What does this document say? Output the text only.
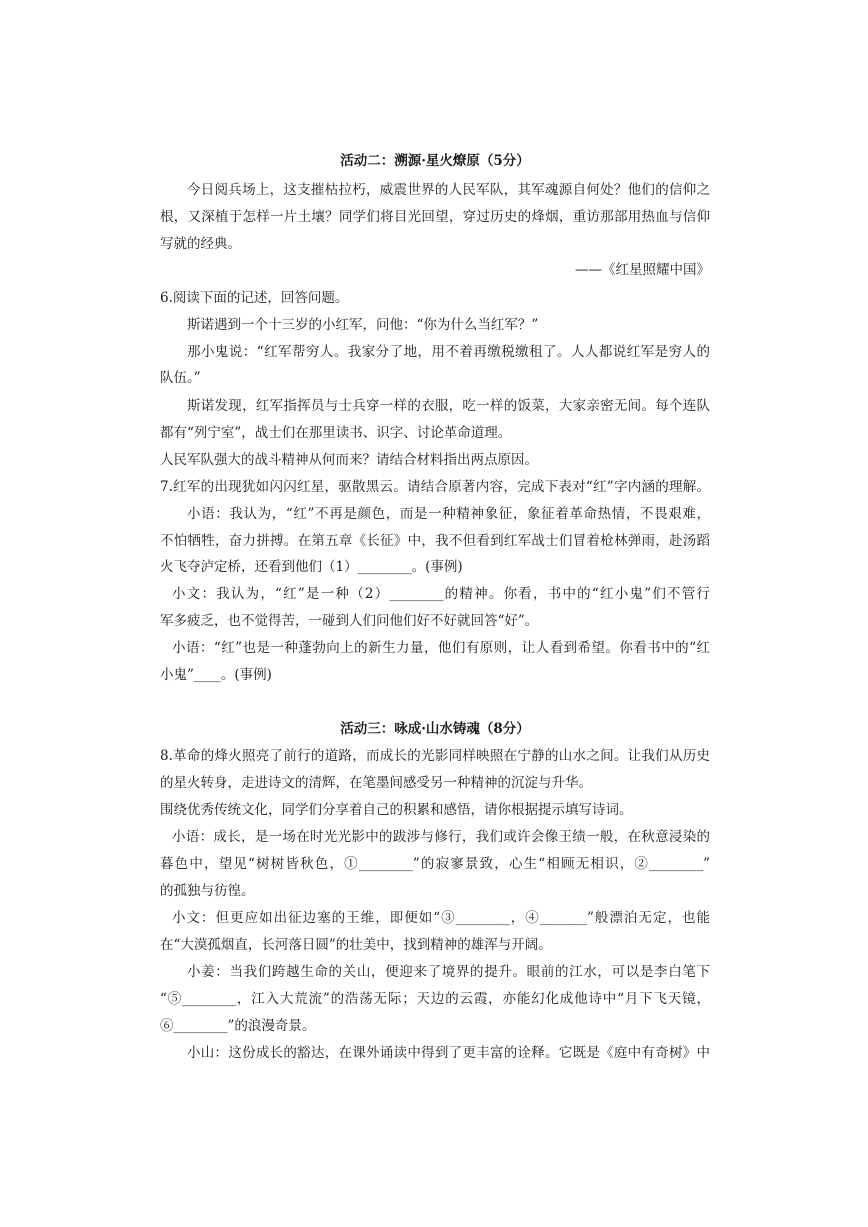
活动二：溯源·星火燎原（5分）
今日阅兵场上，这支摧枯拉朽，威震世界的人民军队，其军魂源自何处？他们的信仰之
根，又深植于怎样一片土壤？同学们将目光回望，穿过历史的烽烟，重访那部用热血与信仰
写就的经典。
——《红星照耀中国》
6.阅读下面的记述，回答问题。
斯诺遇到一个十三岁的小红军，问他：“你为什么当红军？”
那小鬼说：“红军帮穷人。我家分了地，用不着再缴税缴租了。人人都说红军是穷人的
队伍。”
斯诺发现，红军指挥员与士兵穿一样的衣服，吃一样的饭菜，大家亲密无间。每个连队
都有“列宁室”，战士们在那里读书、识字、讨论革命道理。
人民军队强大的战斗精神从何而来？请结合材料指出两点原因。
7.红军的出现犹如闪闪红星，驱散黑云。请结合原著内容，完成下表对“红”字内涵的理解。
小语：我认为，“红”不再是颜色，而是一种精神象征，象征着革命热情，不畏艰难，
不怕牺牲，奋力拼搏。在第五章《长征》中，我不但看到红军战士们冒着枪林弹雨，赴汤蹈
火飞夺泸定桥，还看到他们（1）________。(事例)
小文：我认为，“红”是一种（2）________的精神。你看，书中的“红小鬼”们不管行
军多疲乏，也不觉得苦，一碰到人们问他们好不好就回答“好”。
小语：“红”也是一种蓬勃向上的新生力量，他们有原则，让人看到希望。你看书中的“红
小鬼”____。(事例)
活动三：咏成·山水铸魂（8分）
8.革命的烽火照亮了前行的道路，而成长的光影同样映照在宁静的山水之间。让我们从历史
的星火转身，走进诗文的清辉，在笔墨间感受另一种精神的沉淀与升华。
围绕优秀传统文化，同学们分享着自己的积累和感悟，请你根据提示填写诗词。
小语：成长，是一场在时光光影中的跋涉与修行，我们或许会像王绩一般，在秋意浸染的
暮色中，望见“树树皆秋色，①________”的寂寥景致，心生“相顾无相识，②________”
的孤独与彷徨。
小文：但更应如出征边塞的王维，即便如“③________，④_______”般漂泊无定，也能
在“大漠孤烟直，长河落日圆”的壮美中，找到精神的雄浑与开阔。
小姜：当我们跨越生命的关山，便迎来了境界的提升。眼前的江水，可以是李白笔下
“⑤________，江入大荒流”的浩荡无际；天边的云霞，亦能幻化成他诗中“月下飞天镜，
⑥________”的浪漫奇景。
小山：这份成长的豁达，在课外诵读中得到了更丰富的诠释。它既是《庭中有奇树》中
